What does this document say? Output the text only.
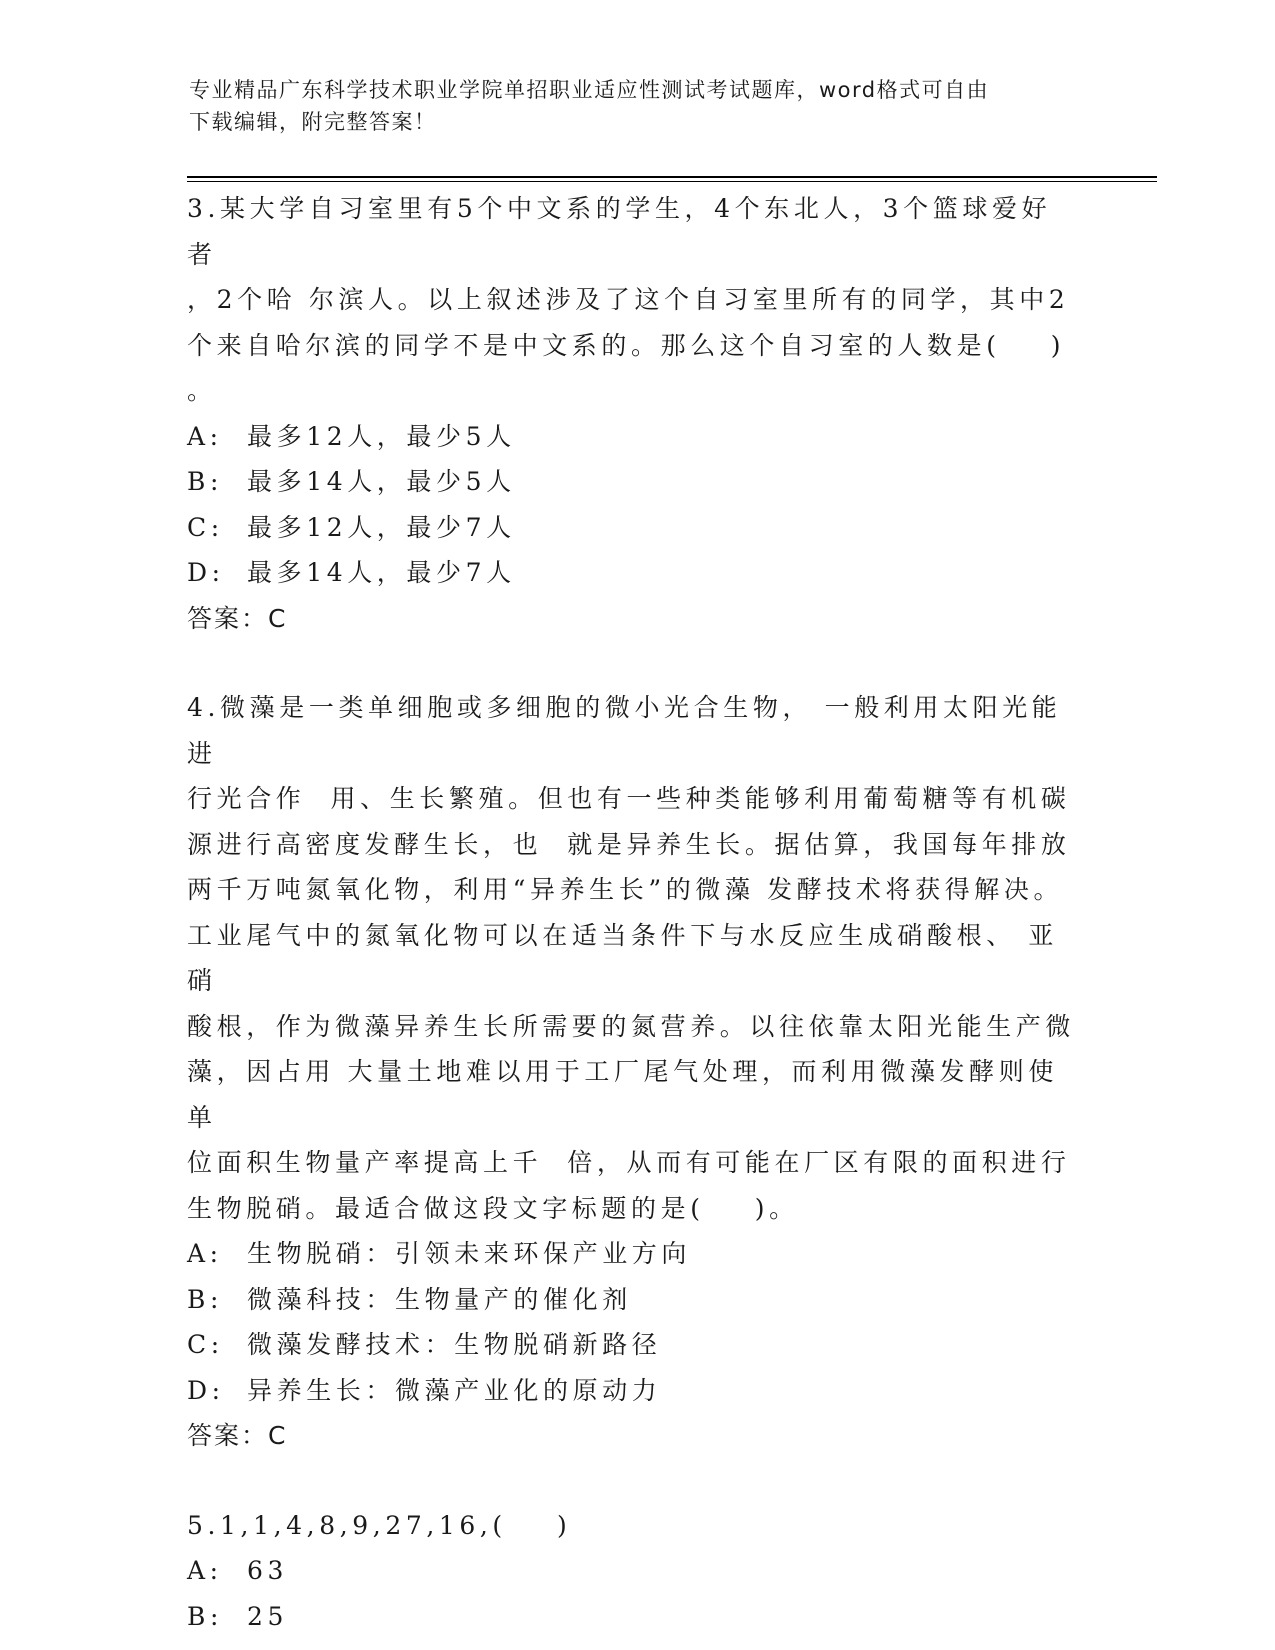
专业精品广东科学技术职业学院单招职业适应性测试考试题库，word格式可自由
下载编辑，附完整答案！
3.某大学自习室里有5个中文系的学生，4个东北人，3个篮球爱好者
，2个哈 尔滨人。以上叙述涉及了这个自习室里所有的同学，其中2
个来自哈尔滨的同学不是中文系的。那么这个自习室的人数是(    )
。
A: 最多12人，最少5人
B: 最多14人，最少5人
C: 最多12人，最少7人
D: 最多14人，最少7人
答案：C
4.微藻是一类单细胞或多细胞的微小光合生物， 一般利用太阳光能进
行光合作  用、生长繁殖。但也有一些种类能够利用葡萄糖等有机碳
源进行高密度发酵生长，也  就是异养生长。据估算，我国每年排放
两千万吨氮氧化物，利用“异养生长”的微藻 发酵技术将获得解决。
工业尾气中的氮氧化物可以在适当条件下与水反应生成硝酸根、 亚硝
酸根，作为微藻异养生长所需要的氮营养。以往依靠太阳光能生产微
藻，因占用 大量土地难以用于工厂尾气处理，而利用微藻发酵则使单
位面积生物量产率提高上千  倍，从而有可能在厂区有限的面积进行
生物脱硝。最适合做这段文字标题的是(    )。
A: 生物脱硝：引领未来环保产业方向
B: 微藻科技：生物量产的催化剂
C: 微藻发酵技术：生物脱硝新路径
D: 异养生长：微藻产业化的原动力
答案：C
5.1,1,4,8,9,27,16,(    )
A: 63
B: 25
